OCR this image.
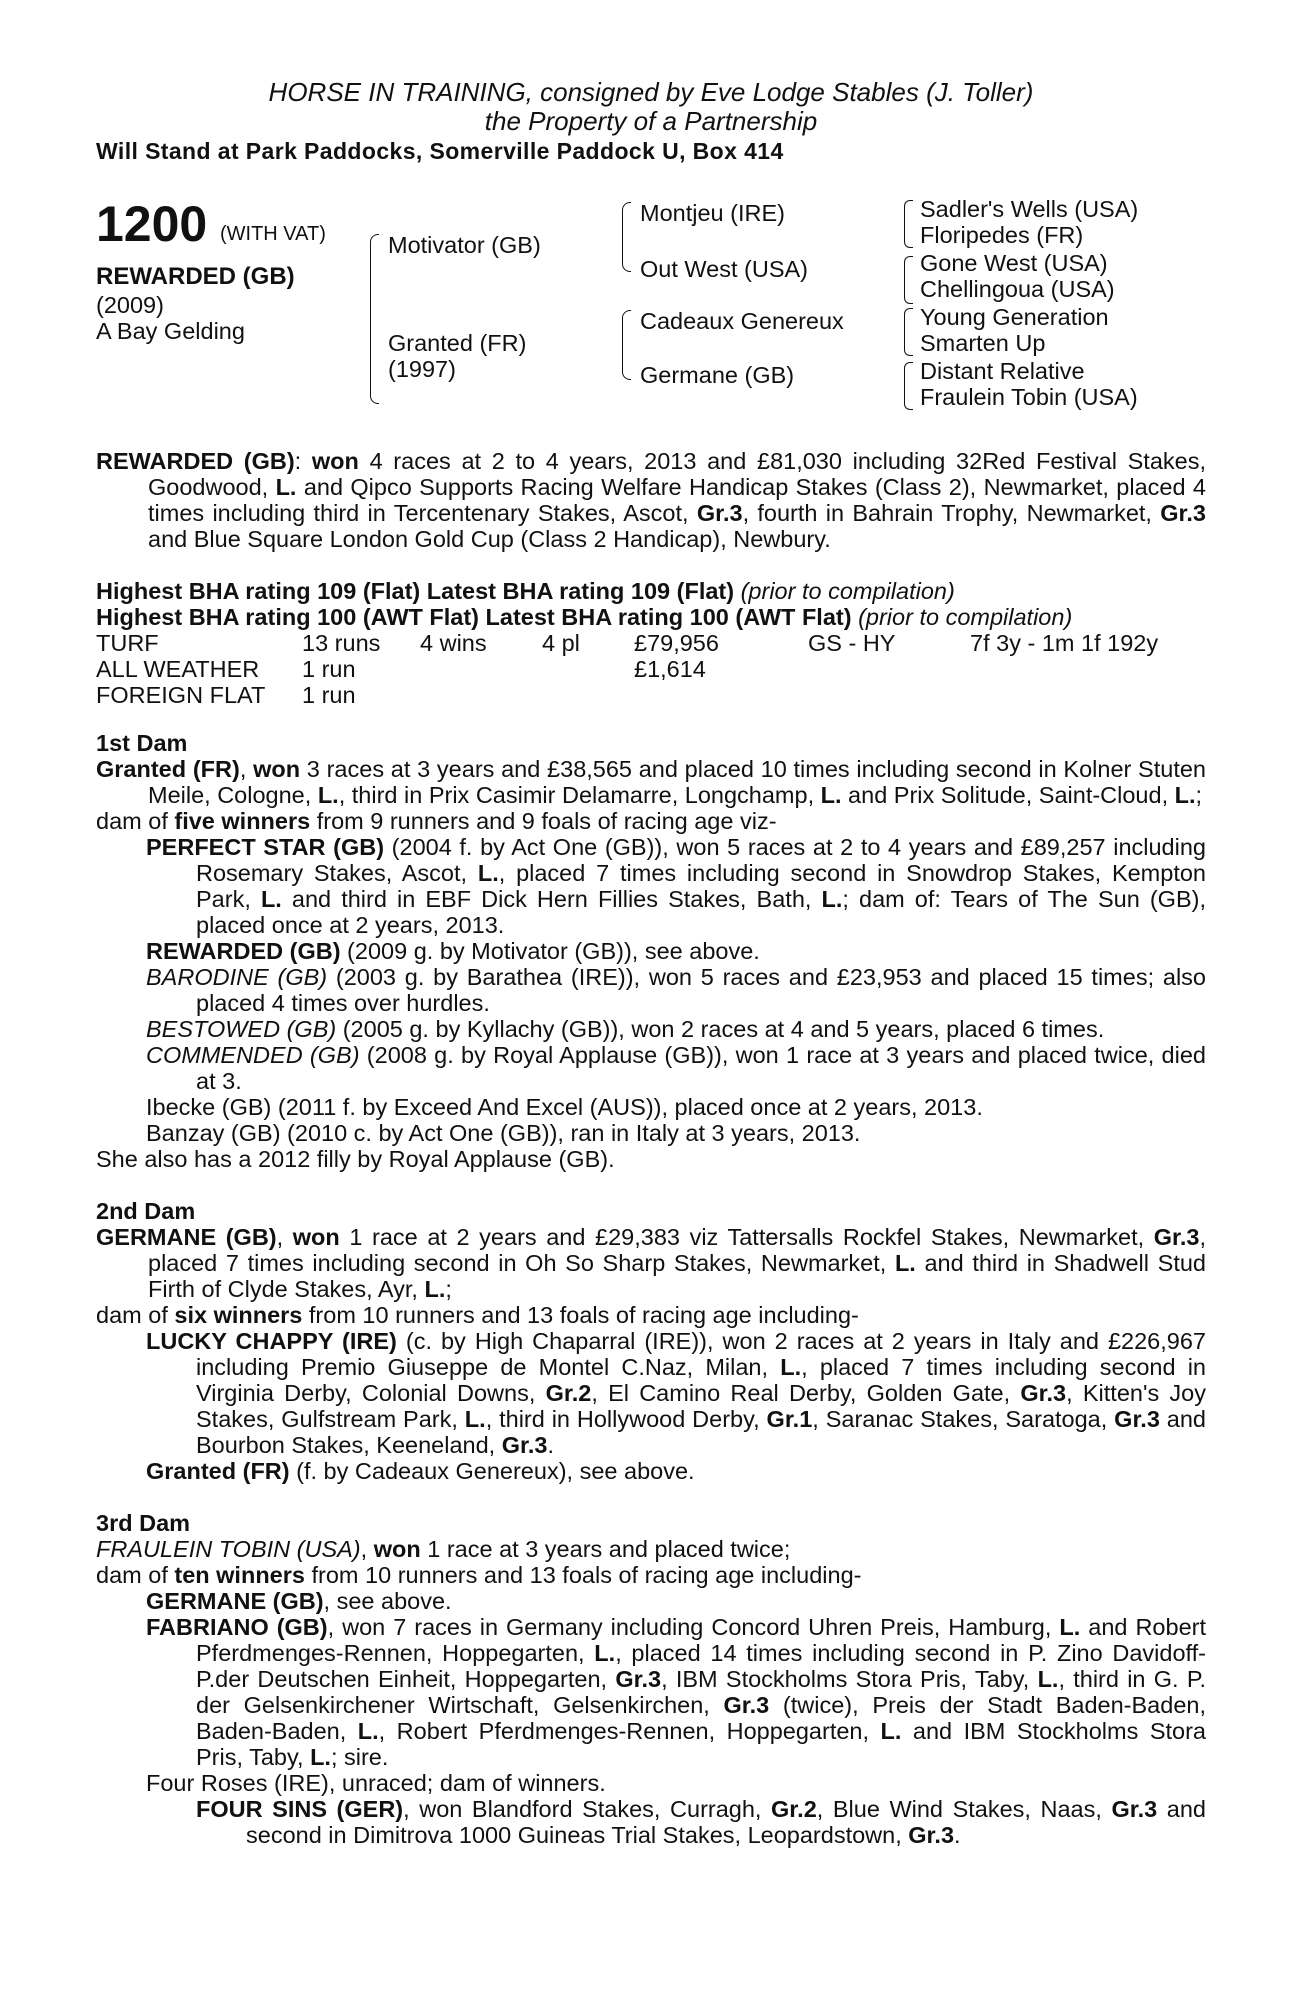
HORSE IN TRAINING, consigned by Eve Lodge Stables (J. Toller)
the Property of a Partnership
Will Stand at Park Paddocks, Somerville Paddock U, Box 414
1200 (WITH VAT)
REWARDED (GB)
(2009)
A Bay Gelding
Motivator (GB)
Granted (FR)
(1997)
Montjeu (IRE)
Out West (USA)
Cadeaux Genereux
Germane (GB)
Sadler's Wells (USA)
Floripedes (FR)
Gone West (USA)
Chellingoua (USA)
Young Generation
Smarten Up
Distant Relative
Fraulein Tobin (USA)

REWARDED (GB): won 4 races at 2 to 4 years, 2013 and £81,030 including 32Red Festival Stakes, Goodwood, L. and Qipco Supports Racing Welfare Handicap Stakes (Class 2), Newmarket, placed 4 times including third in Tercentenary Stakes, Ascot, Gr.3, fourth in Bahrain Trophy, Newmarket, Gr.3 and Blue Square London Gold Cup (Class 2 Handicap), Newbury.

Highest BHA rating 109 (Flat) Latest BHA rating 109 (Flat) (prior to compilation)

Highest BHA rating 100 (AWT Flat) Latest BHA rating 100 (AWT Flat) (prior to compilation)

TURF	13 runs	4 wins	4 pl	£79,956	GS - HY	7f 3y - 1m 1f 192y
ALL WEATHER	1 run			£1,614		
FOREIGN FLAT	1 run					

1st Dam

Granted (FR), won 3 races at 3 years and £38,565 and placed 10 times including second in Kolner Stuten Meile, Cologne, L., third in Prix Casimir Delamarre, Longchamp, L. and Prix Solitude, Saint-Cloud, L.;

dam of five winners from 9 runners and 9 foals of racing age viz-

PERFECT STAR (GB) (2004 f. by Act One (GB)), won 5 races at 2 to 4 years and £89,257 including Rosemary Stakes, Ascot, L., placed 7 times including second in Snowdrop Stakes, Kempton Park, L. and third in EBF Dick Hern Fillies Stakes, Bath, L.; dam of: Tears of The Sun (GB), placed once at 2 years, 2013.

REWARDED (GB) (2009 g. by Motivator (GB)), see above.

BARODINE (GB) (2003 g. by Barathea (IRE)), won 5 races and £23,953 and placed 15 times; also placed 4 times over hurdles.

BESTOWED (GB) (2005 g. by Kyllachy (GB)), won 2 races at 4 and 5 years, placed 6 times.

COMMENDED (GB) (2008 g. by Royal Applause (GB)), won 1 race at 3 years and placed twice, died at 3.

Ibecke (GB) (2011 f. by Exceed And Excel (AUS)), placed once at 2 years, 2013.

Banzay (GB) (2010 c. by Act One (GB)), ran in Italy at 3 years, 2013.

She also has a 2012 filly by Royal Applause (GB).

2nd Dam

GERMANE (GB), won 1 race at 2 years and £29,383 viz Tattersalls Rockfel Stakes, Newmarket, Gr.3, placed 7 times including second in Oh So Sharp Stakes, Newmarket, L. and third in Shadwell Stud Firth of Clyde Stakes, Ayr, L.;

dam of six winners from 10 runners and 13 foals of racing age including-

LUCKY CHAPPY (IRE) (c. by High Chaparral (IRE)), won 2 races at 2 years in Italy and £226,967 including Premio Giuseppe de Montel C.Naz, Milan, L., placed 7 times including second in Virginia Derby, Colonial Downs, Gr.2, El Camino Real Derby, Golden Gate, Gr.3, Kitten's Joy Stakes, Gulfstream Park, L., third in Hollywood Derby, Gr.1, Saranac Stakes, Saratoga, Gr.3 and Bourbon Stakes, Keeneland, Gr.3.

Granted (FR) (f. by Cadeaux Genereux), see above.

3rd Dam

FRAULEIN TOBIN (USA), won 1 race at 3 years and placed twice;

dam of ten winners from 10 runners and 13 foals of racing age including-

GERMANE (GB), see above.

FABRIANO (GB), won 7 races in Germany including Concord Uhren Preis, Hamburg, L. and Robert Pferdmenges-Rennen, Hoppegarten, L., placed 14 times including second in P. Zino Davidoff-P.der Deutschen Einheit, Hoppegarten, Gr.3, IBM Stockholms Stora Pris, Taby, L., third in G. P. der Gelsenkirchener Wirtschaft, Gelsenkirchen, Gr.3 (twice), Preis der Stadt Baden-Baden, Baden-Baden, L., Robert Pferdmenges-Rennen, Hoppegarten, L. and IBM Stockholms Stora Pris, Taby, L.; sire.

Four Roses (IRE), unraced; dam of winners.

FOUR SINS (GER), won Blandford Stakes, Curragh, Gr.2, Blue Wind Stakes, Naas, Gr.3 and second in Dimitrova 1000 Guineas Trial Stakes, Leopardstown, Gr.3.
